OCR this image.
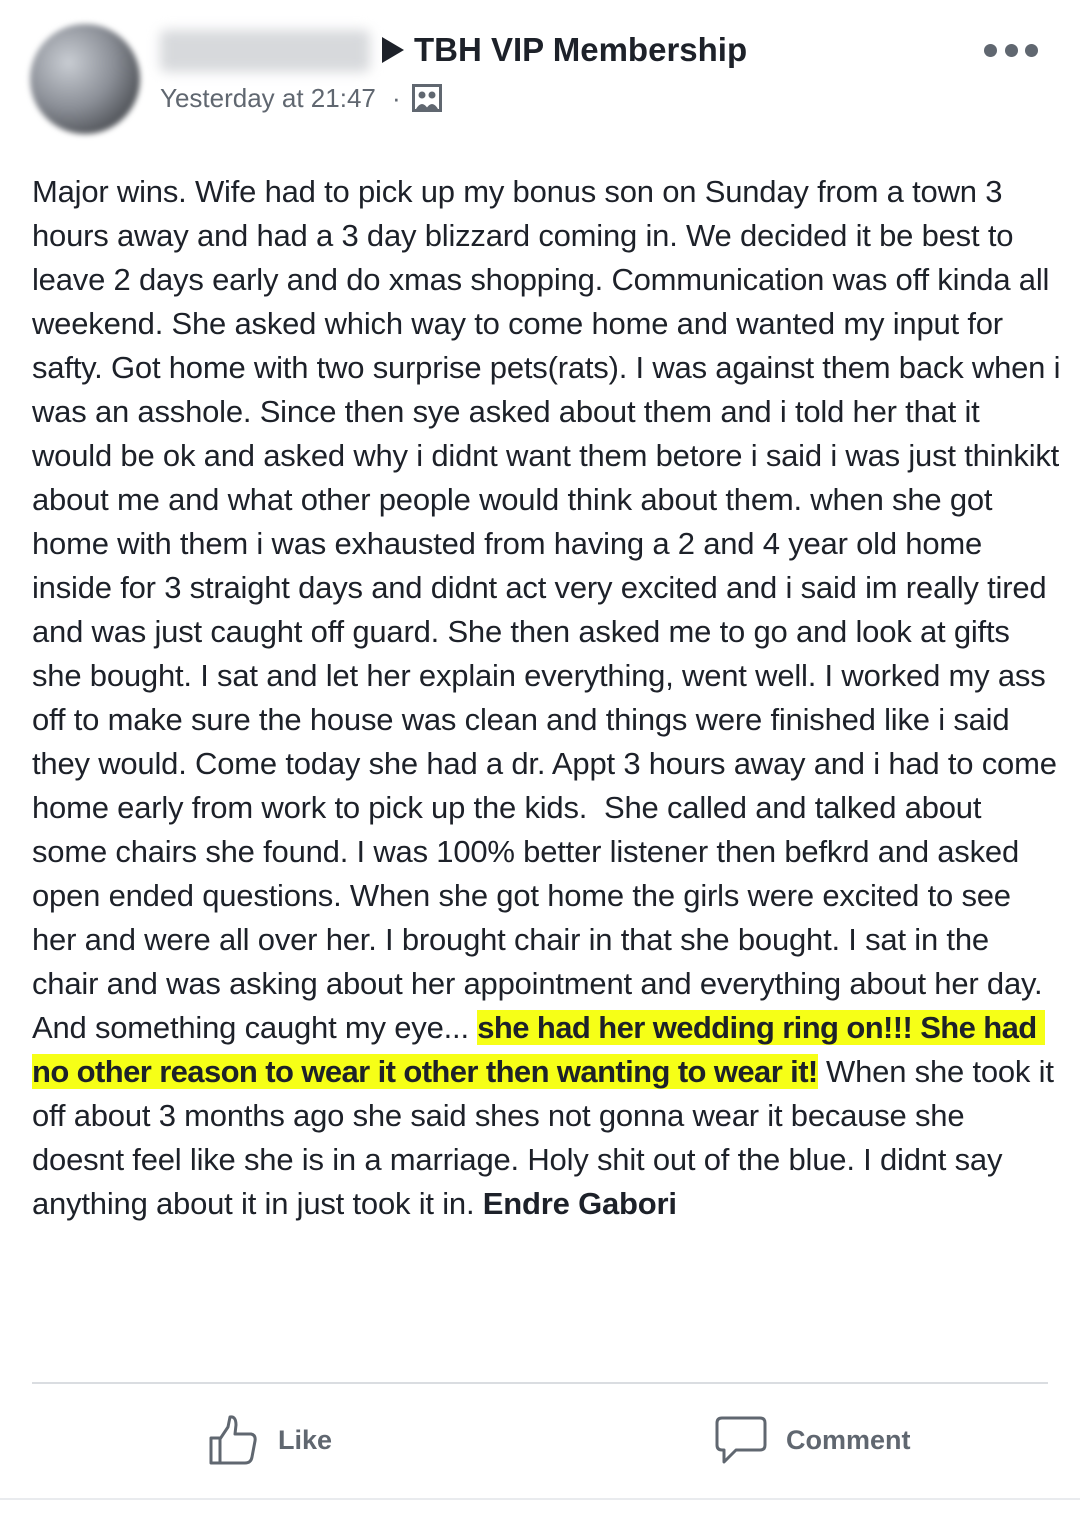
TBH VIP Membership
Yesterday at 21:47 ·
Major wins. Wife had to pick up my bonus son on Sunday from a town 3 hours away and had a 3 day blizzard coming in. We decided it be best to leave 2 days early and do xmas shopping. Communication was off kinda all weekend. She asked which way to come home and wanted my input for safty. Got home with two surprise pets(rats). I was against them back when i was an asshole. Since then sye asked about them and i told her that it would be ok and asked why i didnt want them betore i said i was just thinkikt about me and what other people would think about them. when she got home with them i was exhausted from having a 2 and 4 year old home inside for 3 straight days and didnt act very excited and i said im really tired and was just caught off guard. She then asked me to go and look at gifts she bought. I sat and let her explain everything, went well. I worked my ass off to make sure the house was clean and things were finished like i said they would. Come today she had a dr. Appt 3 hours away and i had to come home early from work to pick up the kids.  She called and talked about some chairs she found. I was 100% better listener then befkrd and asked open ended questions. When she got home the girls were excited to see her and were all over her. I brought chair in that she bought. I sat in the chair and was asking about her appointment and everything about her day. And something caught my eye... she had her wedding ring on!!! She had no other reason to wear it other then wanting to wear it! When she took it off about 3 months ago she said shes not gonna wear it because she doesnt feel like she is in a marriage. Holy shit out of the blue. I didnt say anything about it in just took it in. Endre Gabori
Like	Comment
